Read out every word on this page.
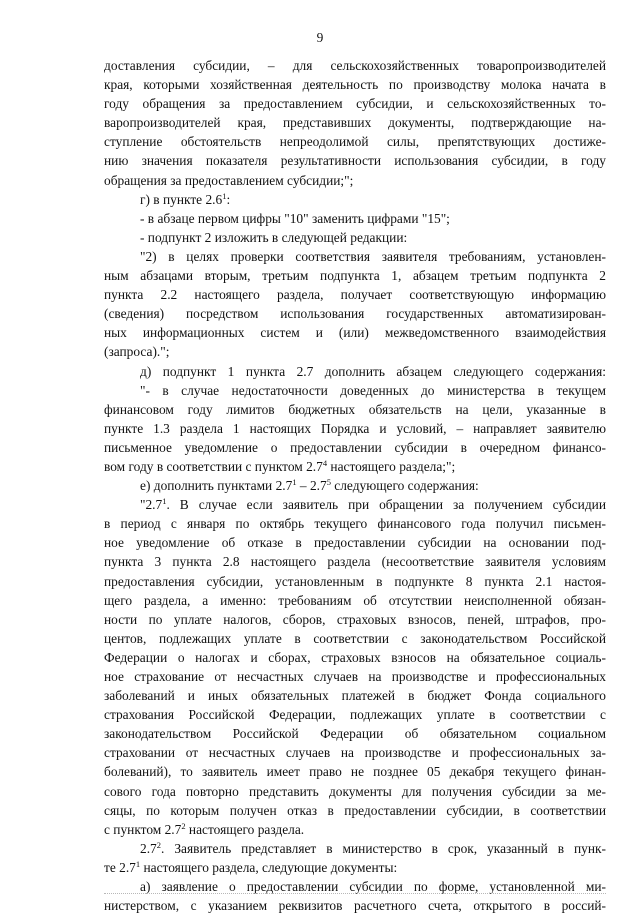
9
доставления субсидии, – для сельскохозяйственных товаропроизводителей
края, которыми хозяйственная деятельность по производству молока начата в
году обращения за предоставлением субсидии, и сельскохозяйственных то-
варопроизводителей края, представивших документы, подтверждающие на-
ступление обстоятельств непреодолимой силы, препятствующих достиже-
нию значения показателя результативности использования субсидии, в году
обращения за предоставлением субсидии;";
г) в пункте $2.6^1$:
- в абзаце первом цифры "10" заменить цифрами "15";
- подпункт 2 изложить в следующей редакции:
"2) в целях проверки соответствия заявителя требованиям, установлен-
ным абзацами вторым, третьим подпункта 1, абзацем третьим подпункта 2
пункта 2.2 настоящего раздела, получает соответствующую информацию
(сведения) посредством использования государственных автоматизирован-
ных информационных систем и (или) межведомственного взаимодействия
(запроса).";
д) подпункт 1 пункта 2.7 дополнить абзацем следующего содержания:
"- в случае недостаточности доведенных до министерства в текущем
финансовом году лимитов бюджетных обязательств на цели, указанные в
пункте 1.3 раздела 1 настоящих Порядка и условий, – направляет заявителю
письменное уведомление о предоставлении субсидии в очередном финансо-
вом году в соответствии с пунктом $2.7^4$ настоящего раздела;";
е) дополнить пунктами $2.7^1 - 2.7^5$ следующего содержания:
"$2.7^1$. В случае если заявитель при обращении за получением субсидии
в период с января по октябрь текущего финансового года получил письмен-
ное уведомление об отказе в предоставлении субсидии на основании под-
пункта 3 пункта 2.8 настоящего раздела (несоответствие заявителя условиям
предоставления субсидии, установленным в подпункте 8 пункта 2.1 настоя-
щего раздела, а именно: требованиям об отсутствии неисполненной обязан-
ности по уплате налогов, сборов, страховых взносов, пеней, штрафов, про-
центов, подлежащих уплате в соответствии с законодательством Российской
Федерации о налогах и сборах, страховых взносов на обязательное социаль-
ное страхование от несчастных случаев на производстве и профессиональных
заболеваний и иных обязательных платежей в бюджет Фонда социального
страхования Российской Федерации, подлежащих уплате в соответствии с
законодательством Российской Федерации об обязательном социальном
страховании от несчастных случаев на производстве и профессиональных за-
болеваний), то заявитель имеет право не позднее 05 декабря текущего финан-
сового года повторно представить документы для получения субсидии за ме-
сяцы, по которым получен отказ в предоставлении субсидии, в соответствии
с пунктом $2.7^2$ настоящего раздела.
$2.7^2$. Заявитель представляет в министерство в срок, указанный в пунк-
те $2.7^1$ настоящего раздела, следующие документы:
а) заявление о предоставлении субсидии по форме, установленной ми-
нистерством, с указанием реквизитов расчетного счета, открытого в россий-
